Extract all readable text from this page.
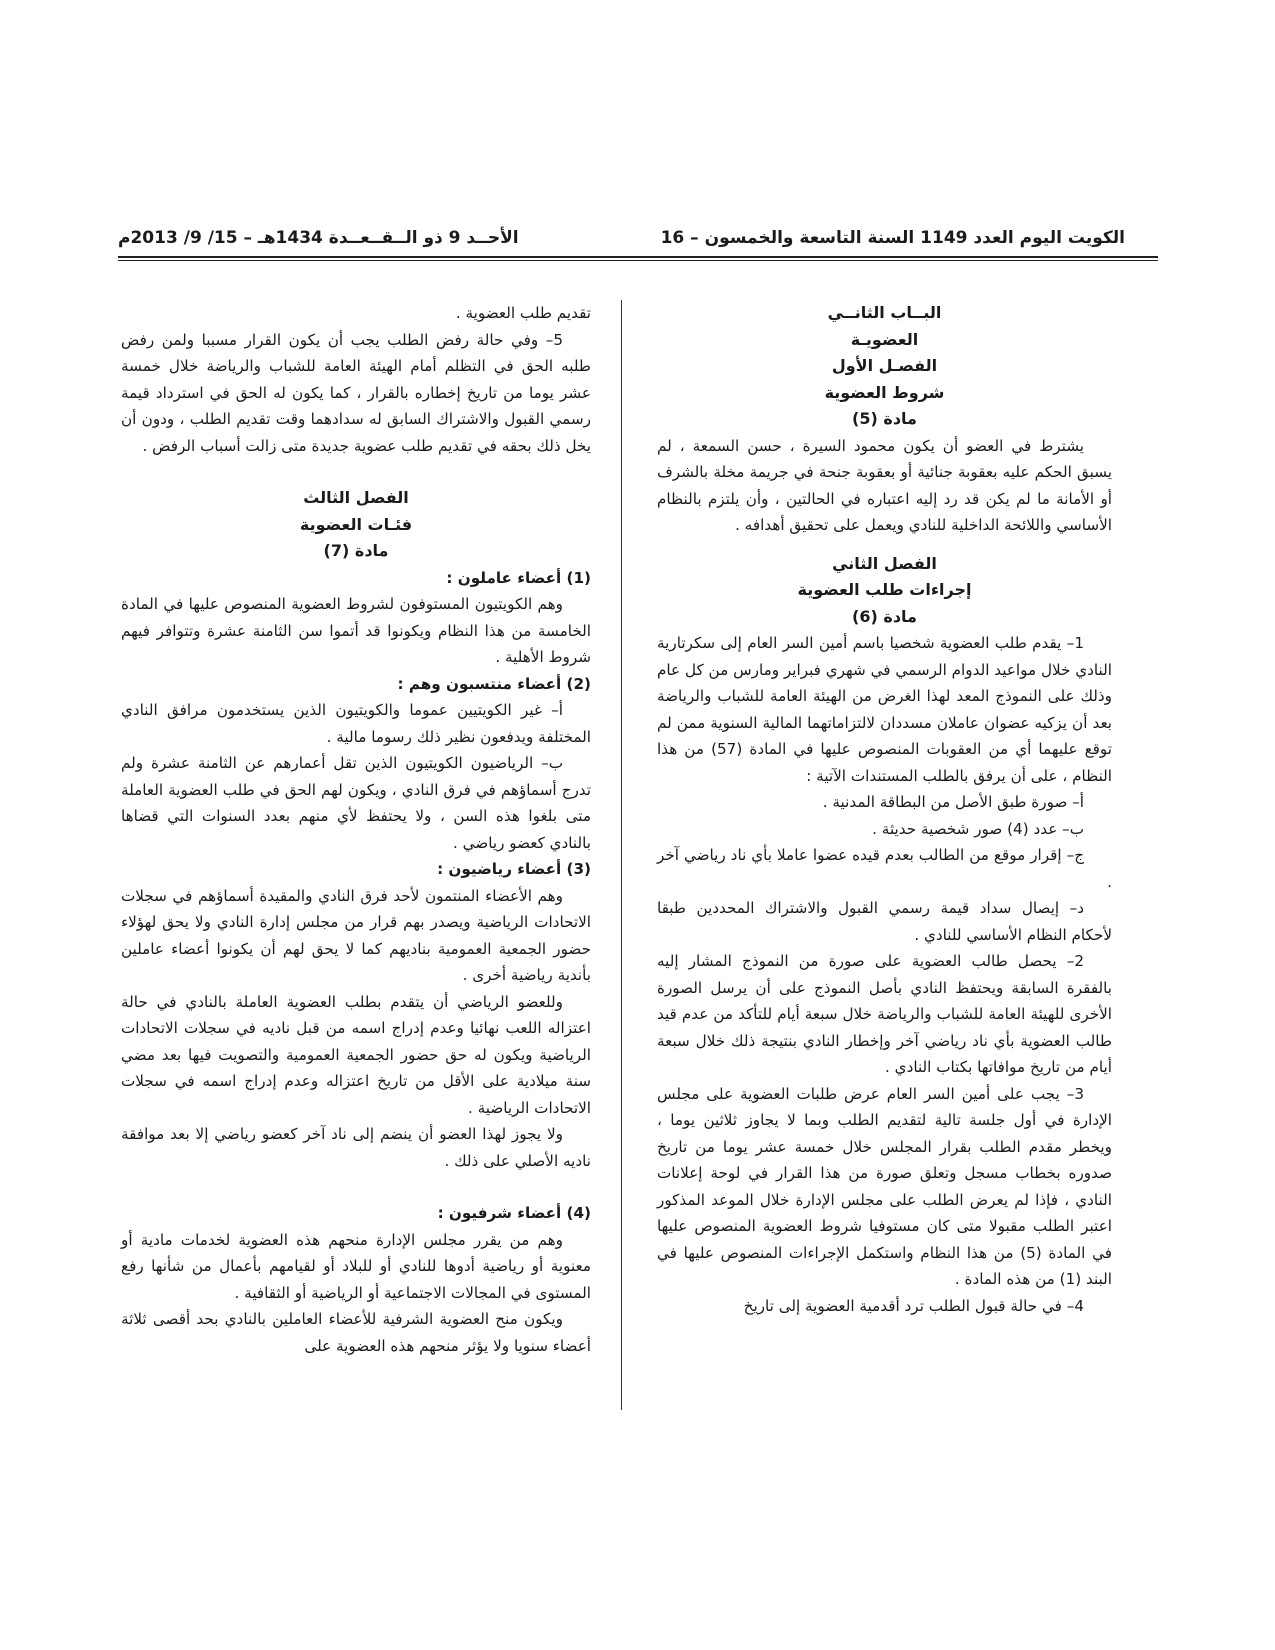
الكويت اليوم العدد 1149 السنة التاسعة والخمسون – 16
الأحــد 9 ذو الــقــعــدة 1434هـ – 15/ 9/ 2013م

البــاب الثانــي

العضويـة

الفصـل الأول

شروط العضوية

مادة (5)

يشترط في العضو أن يكون محمود السيرة ، حسن السمعة ، لم يسبق الحكم عليه بعقوبة جنائية أو بعقوبة جنحة في جريمة مخلة بالشرف أو الأمانة ما لم يكن قد رد إليه اعتباره في الحالتين ، وأن يلتزم بالنظام الأساسي واللائحة الداخلية للنادي ويعمل على تحقيق أهدافه .

الفصل الثاني

إجراءات طلب العضوية

مادة (6)

1– يقدم طلب العضوية شخصيا باسم أمين السر العام إلى سكرتارية النادي خلال مواعيد الدوام الرسمي في شهري فبراير ومارس من كل عام وذلك على النموذج المعد لهذا الغرض من الهيئة العامة للشباب والرياضة بعد أن يزكيه عضوان عاملان مسددان لالتزاماتهما المالية السنوية ممن لم توقع عليهما أي من العقوبات المنصوص عليها في المادة (57) من هذا النظام ، على أن يرفق بالطلب المستندات الآتية :

أ– صورة طبق الأصل من البطاقة المدنية .

ب– عدد (4) صور شخصية حديثة .

ج– إقرار موقع من الطالب بعدم قيده عضوا عاملا بأي ناد رياضي آخر .

د– إيصال سداد قيمة رسمي القبول والاشتراك المحددين طبقا لأحكام النظام الأساسي للنادي .

2– يحصل طالب العضوية على صورة من النموذج المشار إليه بالفقرة السابقة ويحتفظ النادي بأصل النموذج على أن يرسل الصورة الأخرى للهيئة العامة للشباب والرياضة خلال سبعة أيام للتأكد من عدم قيد طالب العضوية بأي ناد رياضي آخر وإخطار النادي بنتيجة ذلك خلال سبعة أيام من تاريخ موافاتها بكتاب النادي .

3– يجب على أمين السر العام عرض طلبات العضوية على مجلس الإدارة في أول جلسة تالية لتقديم الطلب وبما لا يجاوز ثلاثين يوما ، ويخطر مقدم الطلب بقرار المجلس خلال خمسة عشر يوما من تاريخ صدوره بخطاب مسجل وتعلق صورة من هذا القرار في لوحة إعلانات النادي ، فإذا لم يعرض الطلب على مجلس الإدارة خلال الموعد المذكور اعتبر الطلب مقبولا متى كان مستوفيا شروط العضوية المنصوص عليها في المادة (5) من هذا النظام واستكمل الإجراءات المنصوص عليها في البند (1) من هذه المادة .

4– في حالة قبول الطلب ترد أقدمية العضوية إلى تاريخ

تقديم طلب العضوية .

5– وفي حالة رفض الطلب يجب أن يكون القرار مسببا ولمن رفض طلبه الحق في التظلم أمام الهيئة العامة للشباب والرياضة خلال خمسة عشر يوما من تاريخ إخطاره بالقرار ، كما يكون له الحق في استرداد قيمة رسمي القبول والاشتراك السابق له سدادهما وقت تقديم الطلب ، ودون أن يخل ذلك بحقه في تقديم طلب عضوية جديدة متى زالت أسباب الرفض .

الفصل الثالث

فئـات العضوية

مادة (7)

(1) أعضاء عاملون :

وهم الكويتيون المستوفون لشروط العضوية المنصوص عليها في المادة الخامسة من هذا النظام ويكونوا قد أتموا سن الثامنة عشرة وتتوافر فيهم شروط الأهلية .

(2) أعضاء منتسبون وهم :

أ– غير الكويتيين عموما والكويتيون الذين يستخدمون مرافق النادي المختلفة ويدفعون نظير ذلك رسوما مالية .

ب– الرياضيون الكويتيون الذين تقل أعمارهم عن الثامنة عشرة ولم تدرج أسماؤهم في فرق النادي ، ويكون لهم الحق في طلب العضوية العاملة متى بلغوا هذه السن ، ولا يحتفظ لأي منهم بعدد السنوات التي قضاها بالنادي كعضو رياضي .

(3) أعضاء رياضيون :

وهم الأعضاء المنتمون لأحد فرق النادي والمقيدة أسماؤهم في سجلات الاتحادات الرياضية ويصدر بهم قرار من مجلس إدارة النادي ولا يحق لهؤلاء حضور الجمعية العمومية بناديهم كما لا يحق لهم أن يكونوا أعضاء عاملين بأندية رياضية أخرى .

وللعضو الرياضي أن يتقدم بطلب العضوية العاملة بالنادي في حالة اعتزاله اللعب نهائيا وعدم إدراج اسمه من قبل ناديه في سجلات الاتحادات الرياضية ويكون له حق حضور الجمعية العمومية والتصويت فيها بعد مضي سنة ميلادية على الأقل من تاريخ اعتزاله وعدم إدراج اسمه في سجلات الاتحادات الرياضية .

ولا يجوز لهذا العضو أن ينضم إلى ناد آخر كعضو رياضي إلا بعد موافقة ناديه الأصلي على ذلك .

(4) أعضاء شرفيون :

وهم من يقرر مجلس الإدارة منحهم هذه العضوية لخدمات مادية أو معنوية أو رياضية أدوها للنادي أو للبلاد أو لقيامهم بأعمال من شأنها رفع المستوى في المجالات الاجتماعية أو الرياضية أو الثقافية .

ويكون منح العضوية الشرفية للأعضاء العاملين بالنادي بحد أقصى ثلاثة أعضاء سنويا ولا يؤثر منحهم هذه العضوية على
